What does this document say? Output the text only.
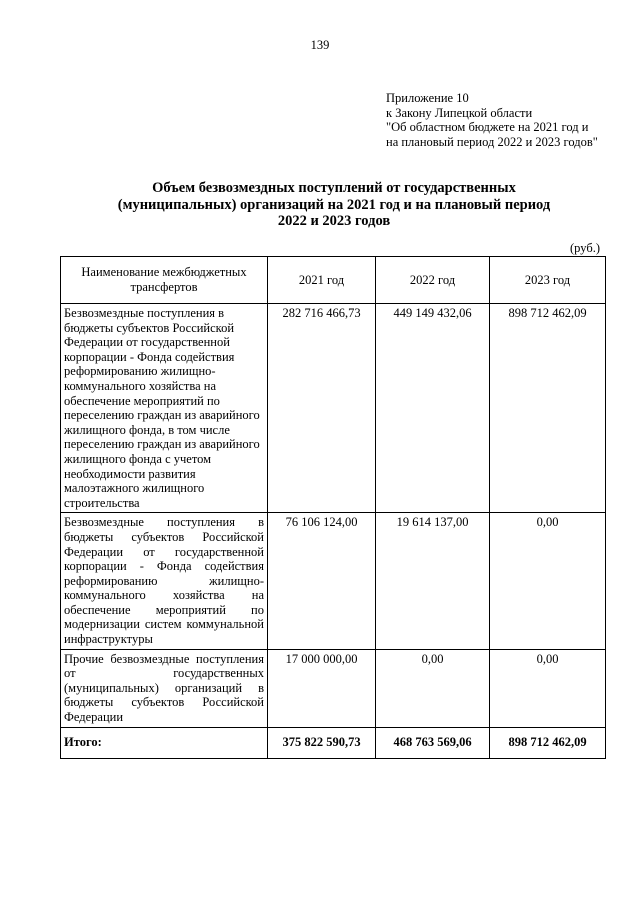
139
Приложение 10
к Закону Липецкой области
"Об областном бюджете на 2021 год и
на плановый период 2022 и 2023 годов"
Объем безвозмездных поступлений от государственных
(муниципальных) организаций на 2021 год и на плановый период
2022 и 2023 годов
(руб.)
Наименование межбюджетных трансфертов	2021 год	2022 год	2023 год
Безвозмездные поступления в бюджеты субъектов Российской Федерации от государственной корпорации - Фонда содействия реформированию жилищно-коммунального хозяйства на обеспечение мероприятий по переселению граждан из аварийного жилищного фонда, в том числе переселению граждан из аварийного жилищного фонда с учетом необходимости развития малоэтажного жилищного строительства	282 716 466,73	449 149 432,06	898 712 462,09
Безвозмездные поступления в бюджеты субъектов Российской Федерации от государственной корпорации - Фонда содействия реформированию жилищно-коммунального хозяйства на обеспечение мероприятий по модернизации систем коммунальной инфраструктуры	76 106 124,00	19 614 137,00	0,00
Прочие безвозмездные поступления от государственных (муниципальных) организаций в бюджеты субъектов Российской Федерации	17 000 000,00	0,00	0,00
Итого:	375 822 590,73	468 763 569,06	898 712 462,09
